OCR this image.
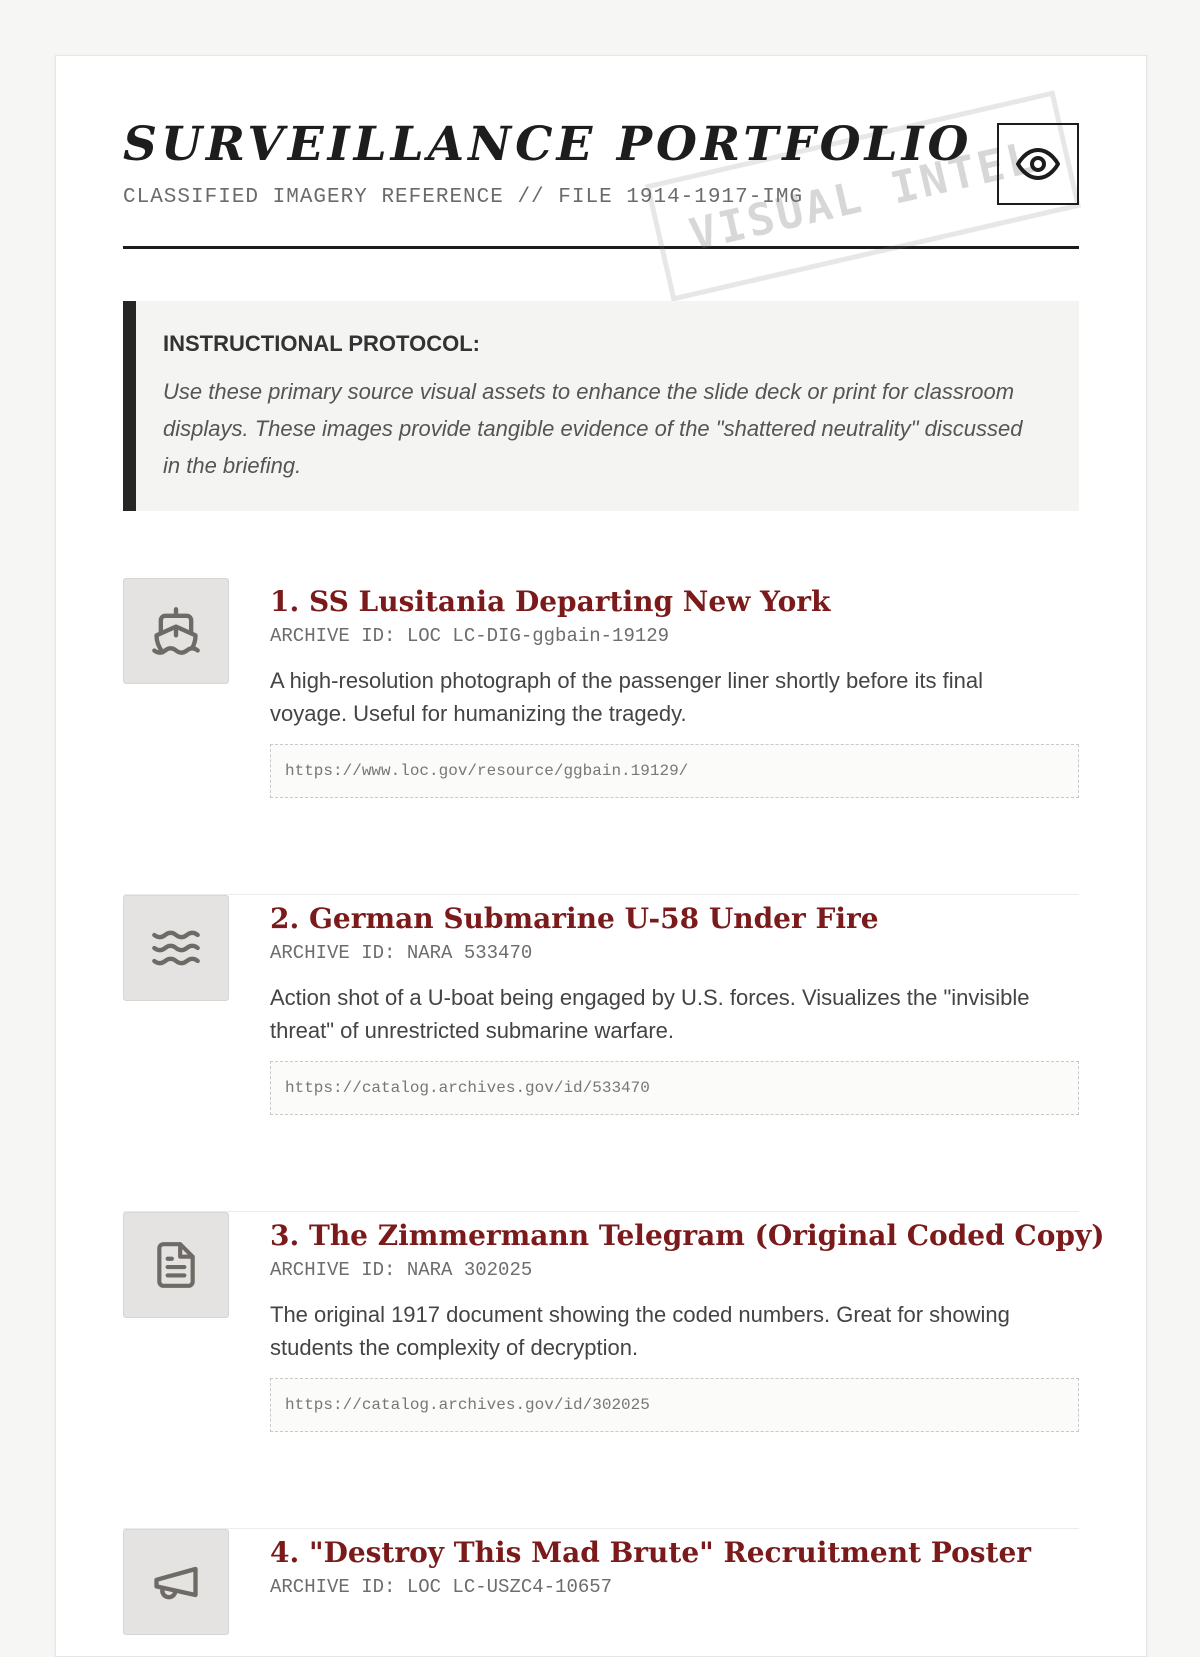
VISUAL INTEL
SURVEILLANCE PORTFOLIO
CLASSIFIED IMAGERY REFERENCE // FILE 1914-1917-IMG

INSTRUCTIONAL PROTOCOL:

Use these primary source visual assets to enhance the slide deck or print for classroom displays. These images provide tangible evidence of the "shattered neutrality" discussed in the briefing.

1. SS Lusitania Departing New York
ARCHIVE ID: LOC LC-DIG-ggbain-19129

A high-resolution photograph of the passenger liner shortly before its final voyage. Useful for humanizing the tragedy.

https://www.loc.gov/resource/ggbain.19129/
2. German Submarine U-58 Under Fire
ARCHIVE ID: NARA 533470

Action shot of a U-boat being engaged by U.S. forces. Visualizes the "invisible threat" of unrestricted submarine warfare.

https://catalog.archives.gov/id/533470
3. The Zimmermann Telegram (Original Coded Copy)
ARCHIVE ID: NARA 302025

The original 1917 document showing the coded numbers. Great for showing students the complexity of decryption.

https://catalog.archives.gov/id/302025
4. "Destroy This Mad Brute" Recruitment Poster
ARCHIVE ID: LOC LC-USZC4-10657
